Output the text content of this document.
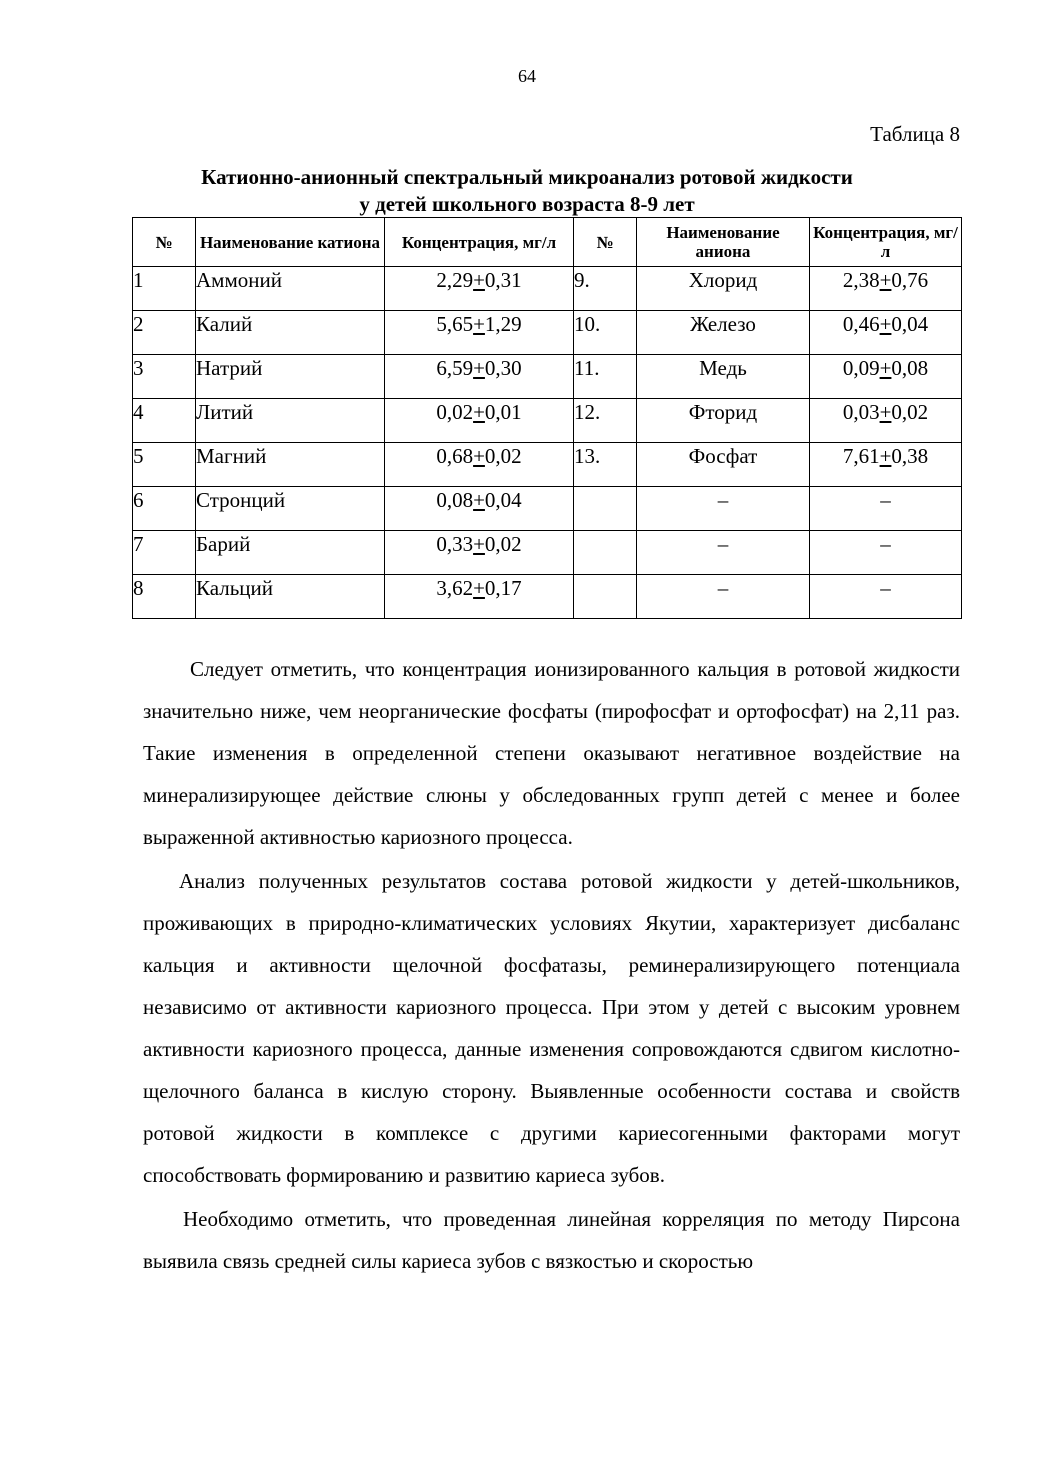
64
Таблица 8
Катионно-анионный спектральный микроанализ ротовой жидкости
у детей школьного возраста 8-9 лет
№	Наименование катиона	Концентрация, мг/л	№	Наименование аниона	Концентрация, мг/л
1	Аммоний	2,29+0,31	9.	Хлорид	2,38+0,76
2	Калий	5,65+1,29	10.	Железо	0,46+0,04
3	Натрий	6,59+0,30	11.	Медь	0,09+0,08
4	Литий	0,02+0,01	12.	Фторид	0,03+0,02
5	Магний	0,68+0,02	13.	Фосфат	7,61+0,38
6	Стронций	0,08+0,04		–	–
7	Барий	0,33+0,02		–	–
8	Кальций	3,62+0,17		–	–

Следует отметить, что концентрация ионизированного кальция в ротовой жидкости значительно ниже, чем неорганические фосфаты (пирофосфат и ортофосфат) на 2,11 раз. Такие изменения в определенной степени оказывают негативное воздействие на минерализирующее действие слюны у обследованных групп детей с менее и более выраженной активностью кариозного процесса.

Анализ полученных результатов состава ротовой жидкости у детей-школьников, проживающих в природно-климатических условиях Якутии, характеризует дисбаланс кальция и активности щелочной фосфатазы, реминерализирующего потенциала независимо от активности кариозного процесса. При этом у детей с высоким уровнем активности кариозного процесса, данные изменения сопровождаются сдвигом кислотно-щелочного баланса в кислую сторону. Выявленные особенности состава и свойств ротовой жидкости в комплексе с другими кариесогенными факторами могут способствовать формированию и развитию кариеса зубов.

Необходимо отметить, что проведенная линейная корреляция по методу Пирсона выявила связь средней силы кариеса зубов с вязкостью и скоростью
